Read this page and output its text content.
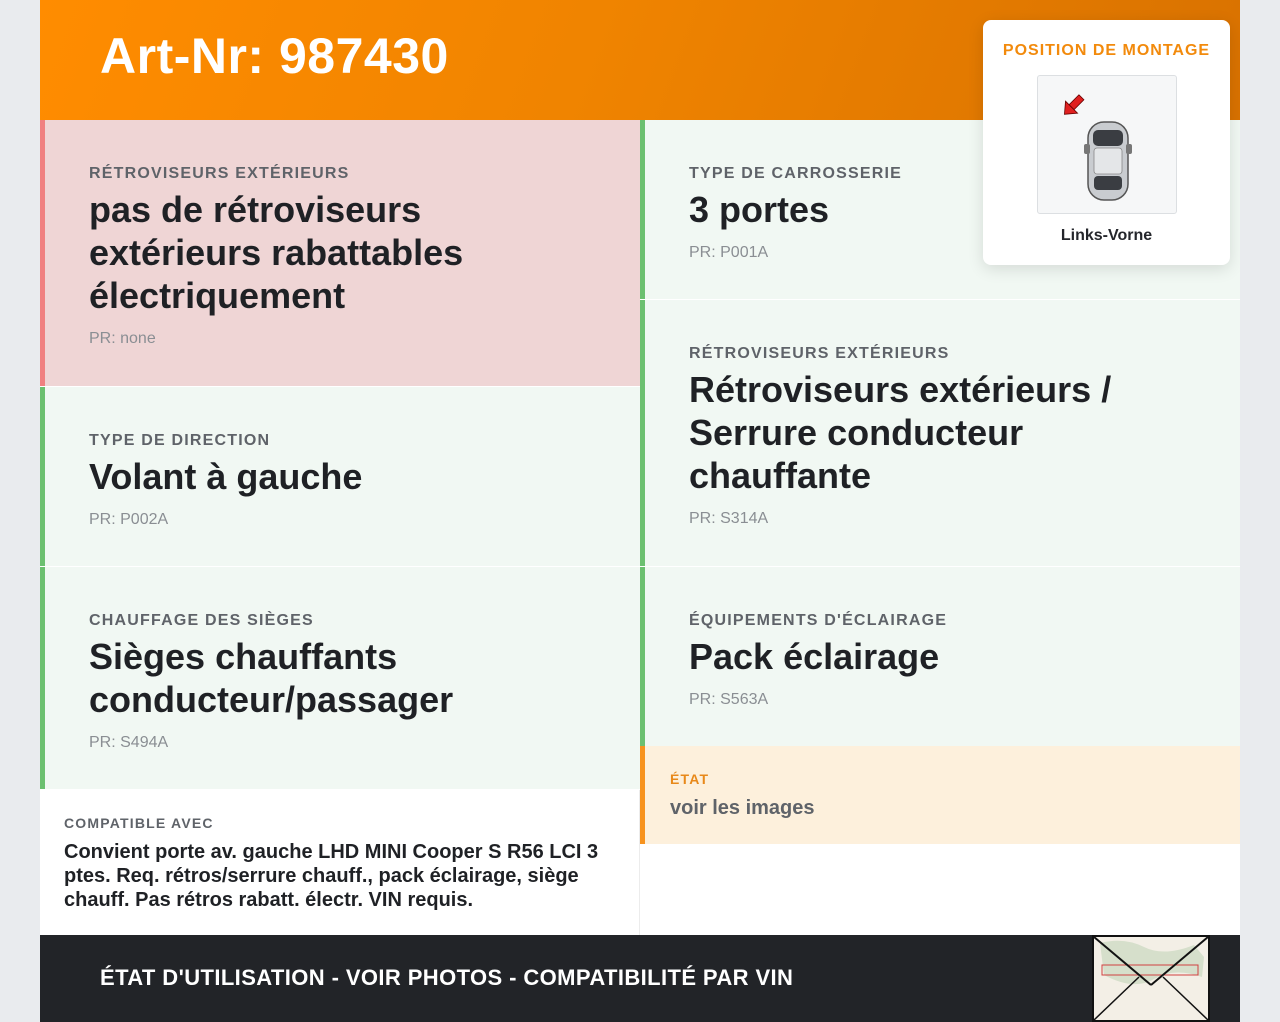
Art-Nr: 987430
RÉTROVISEURS EXTÉRIEURS
pas de rétroviseurs extérieurs rabattables électriquement
PR: none
TYPE DE DIRECTION
Volant à gauche
PR: P002A
CHAUFFAGE DES SIÈGES
Sièges chauffants conducteur/passager
PR: S494A
TYPE DE CARROSSERIE
3 portes
PR: P001A
RÉTROVISEURS EXTÉRIEURS
Rétroviseurs extérieurs / Serrure conducteur chauffante
PR: S314A
ÉQUIPEMENTS D'ÉCLAIRAGE
Pack éclairage
PR: S563A
ÉTAT
voir les images
COMPATIBLE AVEC
Convient porte av. gauche LHD MINI Cooper S R56 LCI 3 ptes. Req. rétros/serrure chauff., pack éclairage, siège chauff. Pas rétros rabatt. électr. VIN requis.
ÉTAT D'UTILISATION - VOIR PHOTOS - COMPATIBILITÉ PAR VIN
POSITION DE MONTAGE
Links-Vorne
